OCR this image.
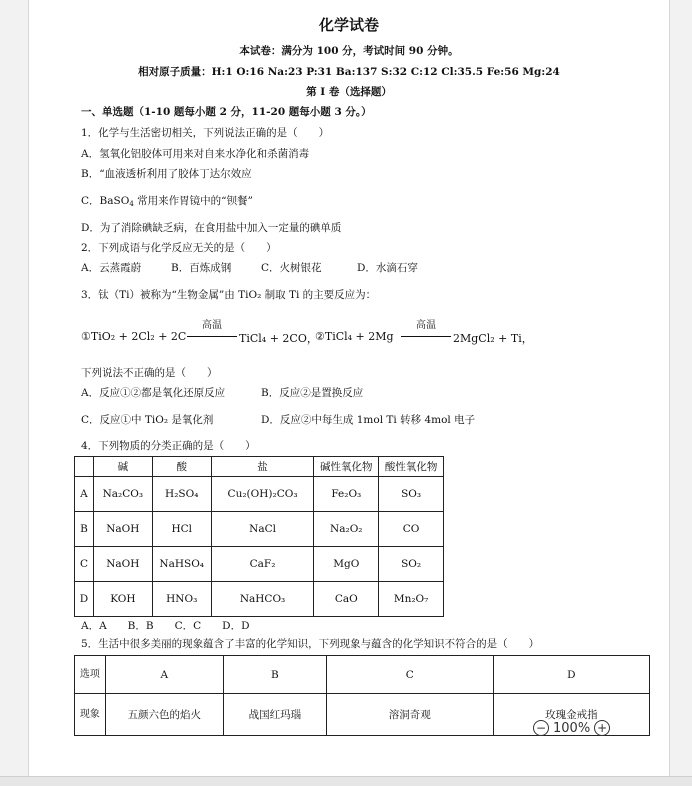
化学试卷
本试卷：满分为 100 分，考试时间 90 分钟。
相对原子质量：H:1 O:16 Na:23 P:31 Ba:137 S:32 C:12 Cl:35.5 Fe:56 Mg:24
第 I 卷（选择题）
一、单选题（1-10 题每小题 2 分，11-20 题每小题 3 分。）
1．化学与生活密切相关，下列说法正确的是（　　）
A．氢氧化铝胶体可用来对自来水净化和杀菌消毒
B．“血液透析利用了胶体丁达尔效应
C．BaSO$_4$ 常用来作胃镜中的“钡餐”
D．为了消除碘缺乏病，在食用盐中加入一定量的碘单质
2．下列成语与化学反应无关的是（　　）
A．云蒸霞蔚	B．百炼成钢	C．火树银花	D．水滴石穿
3．钛（Ti）被称为“生物金属”由 TiO₂ 制取 Ti 的主要反应为：
①TiO₂ + 2Cl₂ + 2C
高温
TiCl₄ + 2CO，
②TiCl₄ + 2Mg
高温
2MgCl₂ + Ti，
下列说法不正确的是（　　）
A．反应①②都是氧化还原反应	B．反应②是置换反应
C．反应①中 TiO₂ 是氧化剂	D．反应②中每生成 1mol Ti 转移 4mol 电子
4．下列物质的分类正确的是（　　）
	碱	酸	盐	碱性氧化物	酸性氧化物
A	Na₂CO₃	H₂SO₄	Cu₂(OH)₂CO₃	Fe₂O₃	SO₃
B	NaOH	HCl	NaCl	Na₂O₂	CO
C	NaOH	NaHSO₄	CaF₂	MgO	SO₂
D	KOH	HNO₃	NaHCO₃	CaO	Mn₂O₇
A．A　　B．B　　C．C　　D．D
5．生活中很多美丽的现象蕴含了丰富的化学知识，下列现象与蕴含的化学知识不符合的是（　　）
选项	A	B	C	D
现象	五颜六色的焰火	战国红玛瑙	溶洞奇观	玫瑰金戒指
− 100% +
